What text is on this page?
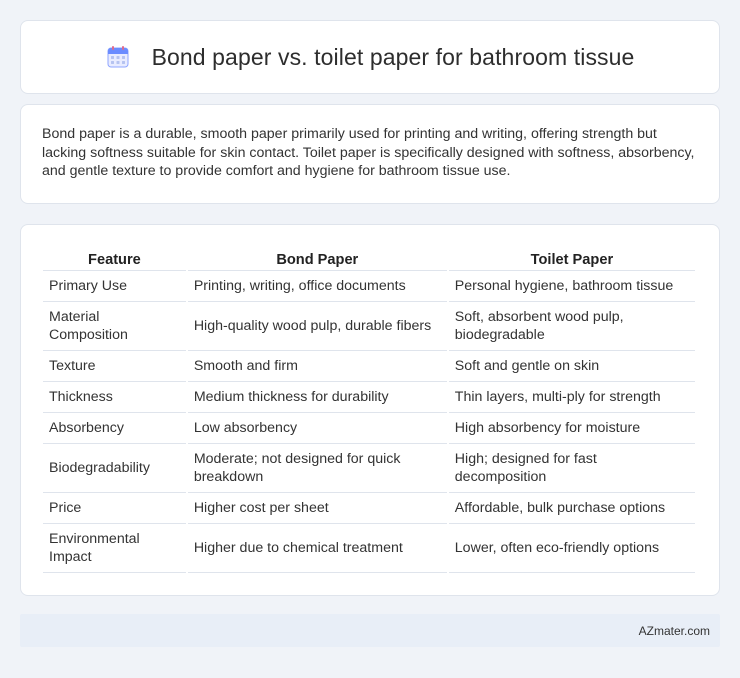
Bond paper vs. toilet paper for bathroom tissue

Bond paper is a durable, smooth paper primarily used for printing and writing, offering strength but lacking softness suitable for skin contact. Toilet paper is specifically designed with softness, absorbency, and gentle texture to provide comfort and hygiene for bathroom tissue use.

Feature	Bond Paper	Toilet Paper
Primary Use	Printing, writing, office documents	Personal hygiene, bathroom tissue
Material Composition	High-quality wood pulp, durable fibers	Soft, absorbent wood pulp, biodegradable
Texture	Smooth and firm	Soft and gentle on skin
Thickness	Medium thickness for durability	Thin layers, multi-ply for strength
Absorbency	Low absorbency	High absorbency for moisture
Biodegradability	Moderate; not designed for quick breakdown	High; designed for fast decomposition
Price	Higher cost per sheet	Affordable, bulk purchase options
Environmental Impact	Higher due to chemical treatment	Lower, often eco-friendly options
AZmater.com
